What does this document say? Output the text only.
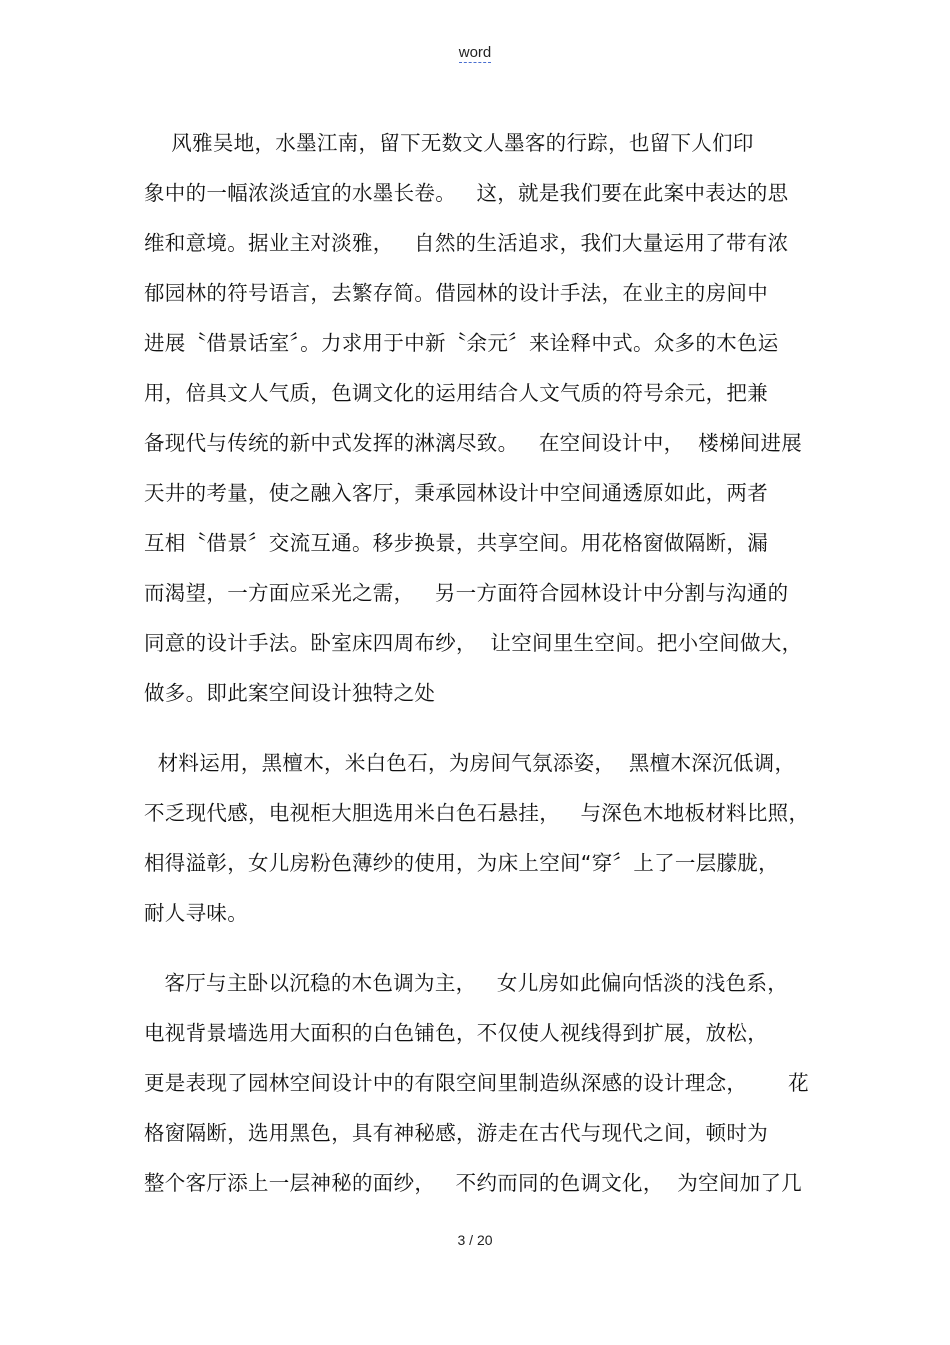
word
风雅吴地，水墨江南，留下无数文人墨客的行踪，也留下人们印
象中的一幅浓淡适宜的水墨长卷。   这，就是我们要在此案中表达的思
维和意境。据业主对淡雅，   自然的生活追求，我们大量运用了带有浓
郁园林的符号语言，去繁存简。借园林的设计手法，在业主的房间中
进展〝借景话室〞。力求用于中新〝余元〞来诠释中式。众多的木色运
用，倍具文人气质，色调文化的运用结合人文气质的符号余元，把兼
备现代与传统的新中式发挥的淋漓尽致。   在空间设计中，  楼梯间进展
天井的考量，使之融入客厅，秉承园林设计中空间通透原如此，两者
互相〝借景〞交流互通。移步换景，共享空间。用花格窗做隔断，漏
而渴望，一方面应采光之需，   另一方面符合园林设计中分割与沟通的
同意的设计手法。卧室床四周布纱，  让空间里生空间。把小空间做大，
做多。即此案空间设计独特之处
材料运用，黑檀木，米白色石，为房间气氛添姿，  黑檀木深沉低调，
不乏现代感，电视柜大胆选用米白色石悬挂，   与深色木地板材料比照，
相得溢彰，女儿房粉色薄纱的使用，为床上空间“穿〞上了一层朦胧，
耐人寻味。
客厅与主卧以沉稳的木色调为主，   女儿房如此偏向恬淡的浅色系，
电视背景墙选用大面积的白色铺色，不仅使人视线得到扩展，放松，
更是表现了园林空间设计中的有限空间里制造纵深感的设计理念，      花
格窗隔断，选用黑色，具有神秘感，游走在古代与现代之间，顿时为
整个客厅添上一层神秘的面纱，   不约而同的色调文化，  为空间加了几
3 / 20
